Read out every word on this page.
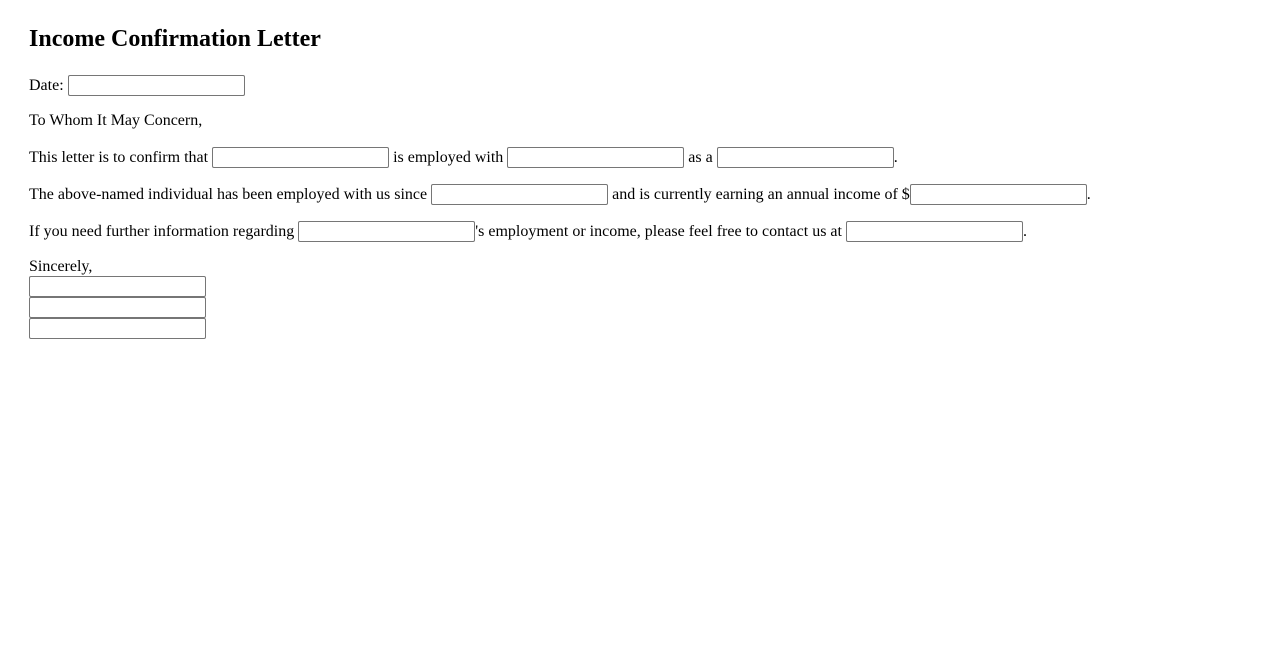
Income Confirmation Letter

Date:

To Whom It May Concern,

This letter is to confirm that	is employed with	as a	.

The above-named individual has been employed with us since	and is currently earning an annual income of $	.

If you need further information regarding	's employment or income, please feel free to contact us at	.

Sincerely,
